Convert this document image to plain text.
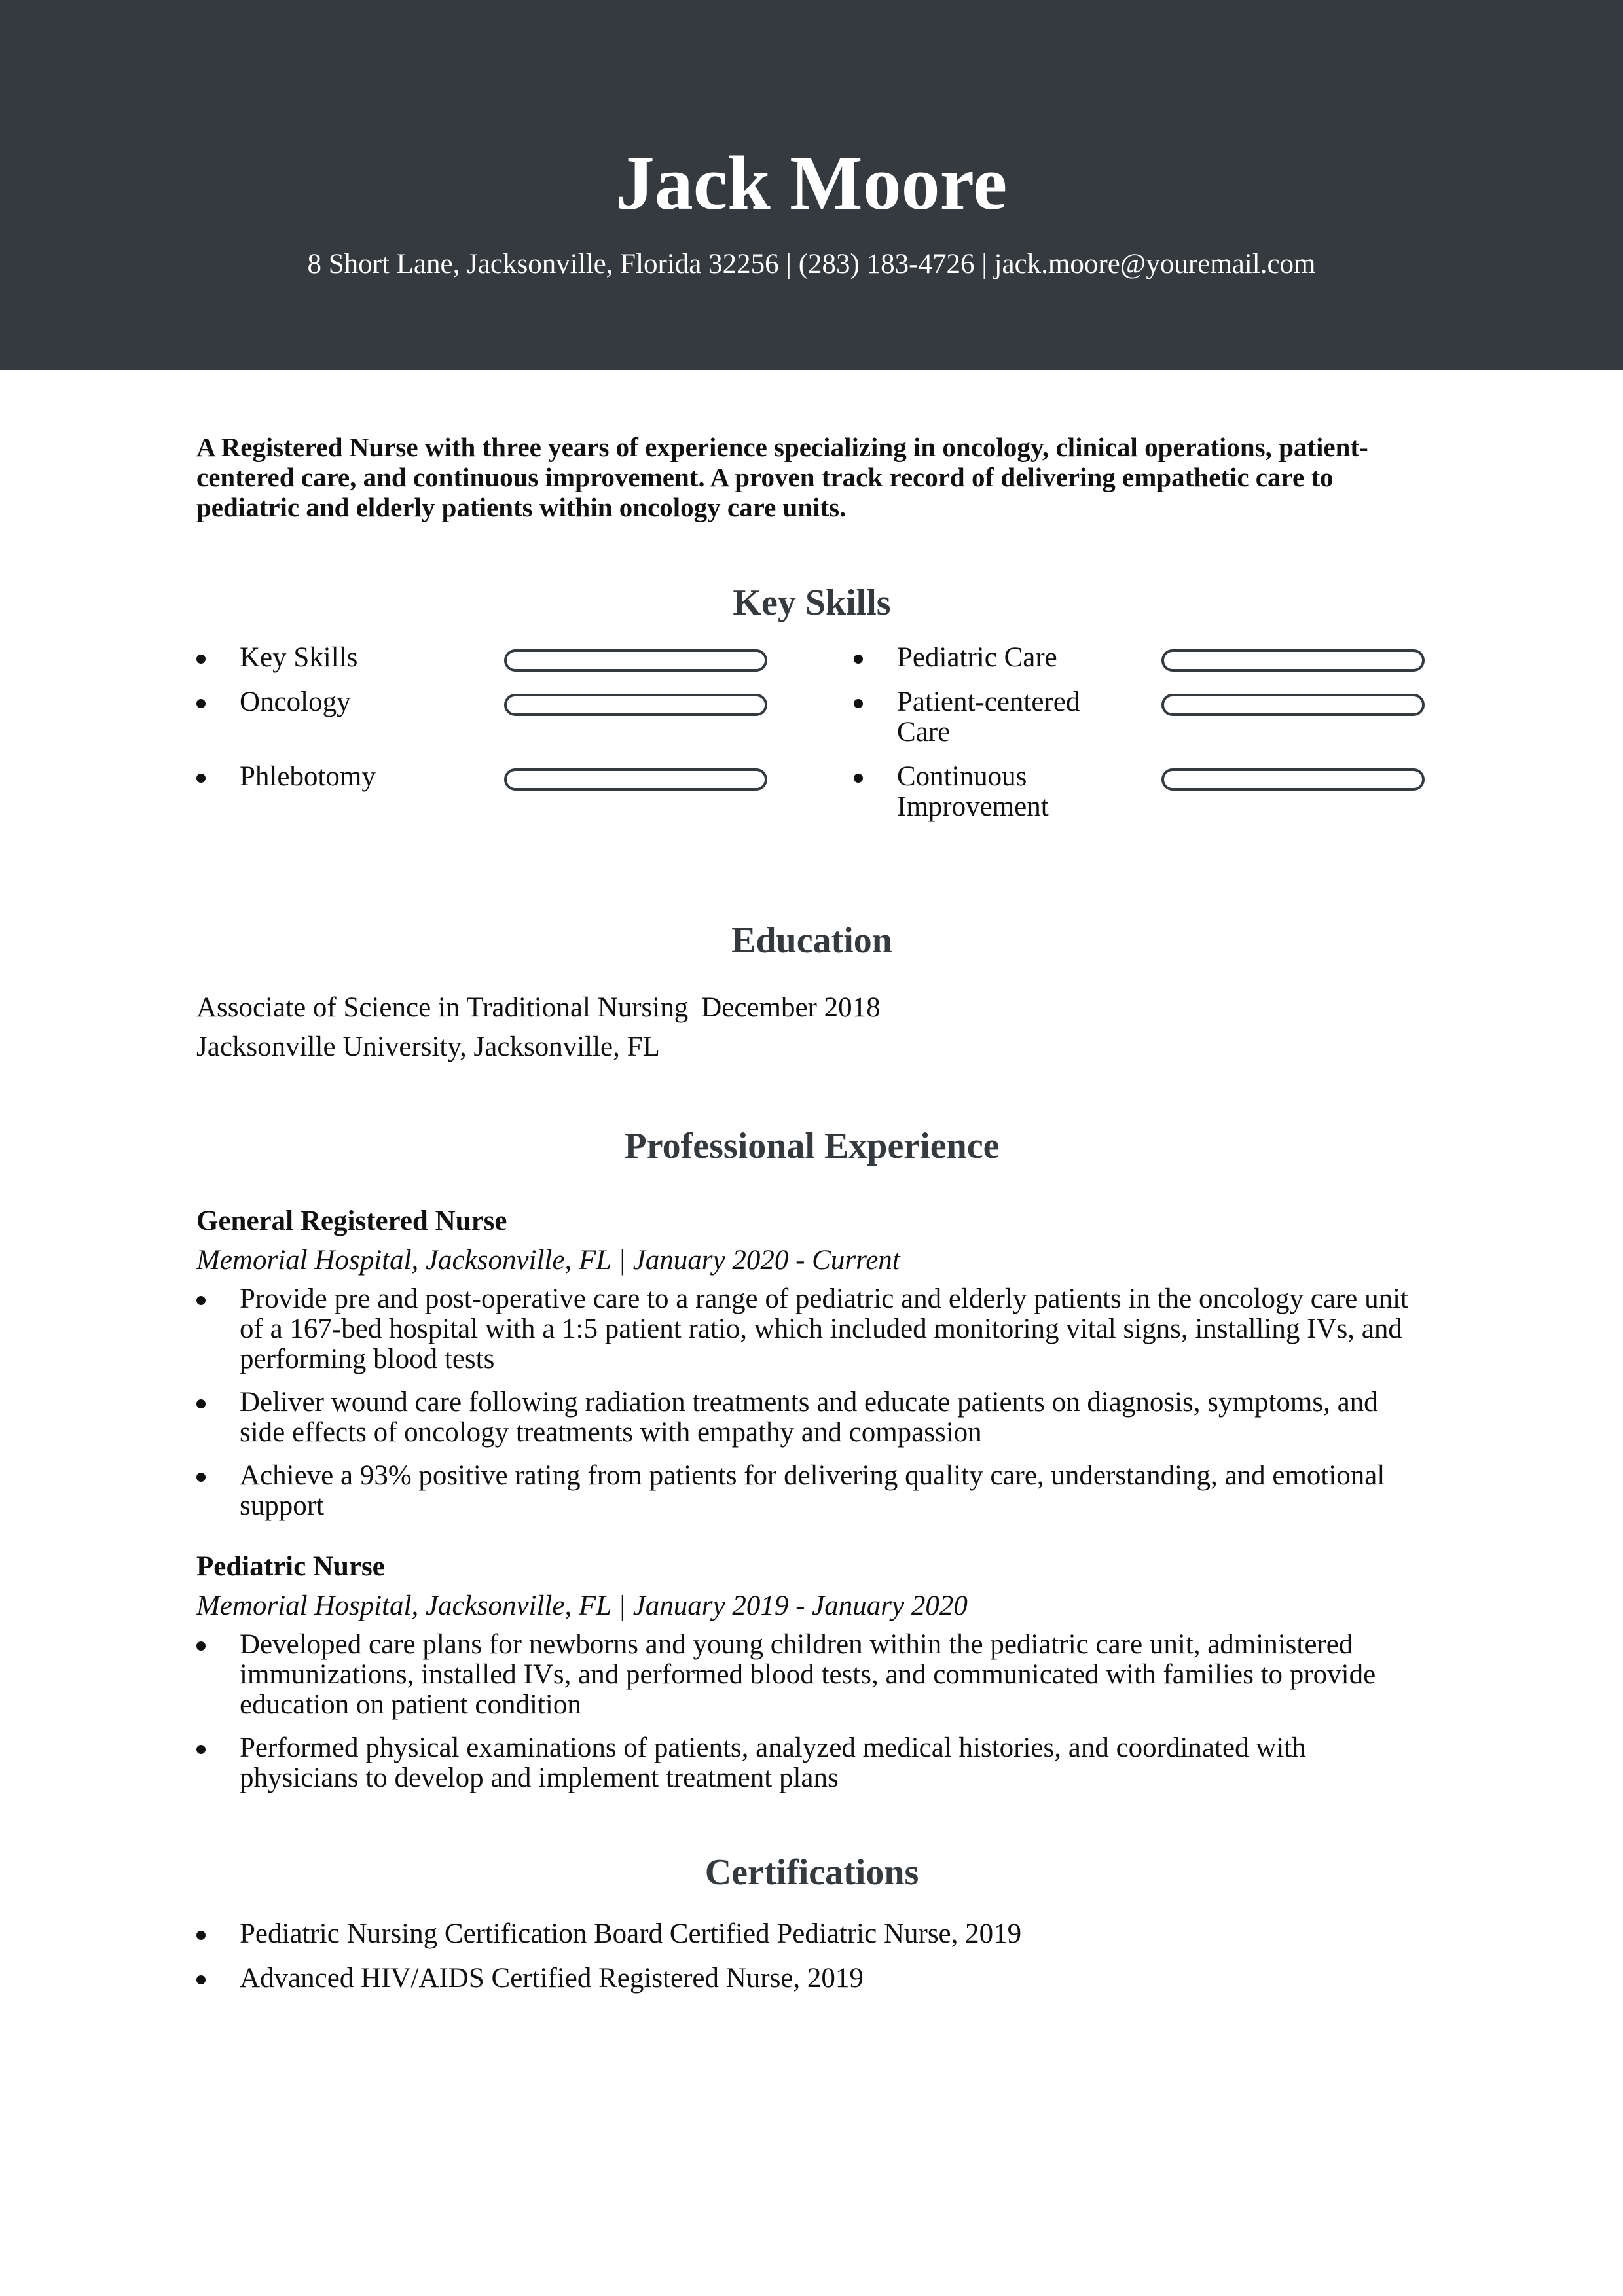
Jack Moore
8 Short Lane, Jacksonville, Florida 32256 | (283) 183-4726 | jack.moore@youremail.com

A Registered Nurse with three years of experience specializing in oncology, clinical operations, patient-centered care, and continuous improvement. A proven track record of delivering empathetic care to pediatric and elderly patients within oncology care units.

Key Skills
Key Skills	Pediatric Care
Oncology	Patient-centered Care
Phlebotomy	Continuous Improvement
Education
Associate of Science in Traditional Nursing December 2018
Jacksonville University, Jacksonville, FL
Professional Experience
General Registered Nurse
Memorial Hospital, Jacksonville, FL | January 2020 - Current
Provide pre and post-operative care to a range of pediatric and elderly patients in the oncology care unit of a 167-bed hospital with a 1:5 patient ratio, which included monitoring vital signs, installing IVs, and performing blood tests
Deliver wound care following radiation treatments and educate patients on diagnosis, symptoms, and side effects of oncology treatments with empathy and compassion
Achieve a 93% positive rating from patients for delivering quality care, understanding, and emotional support
Pediatric Nurse
Memorial Hospital, Jacksonville, FL | January 2019 - January 2020
Developed care plans for newborns and young children within the pediatric care unit, administered immunizations, installed IVs, and performed blood tests, and communicated with families to provide education on patient condition
Performed physical examinations of patients, analyzed medical histories, and coordinated with physicians to develop and implement treatment plans
Certifications
Pediatric Nursing Certification Board Certified Pediatric Nurse, 2019
Advanced HIV/AIDS Certified Registered Nurse, 2019
